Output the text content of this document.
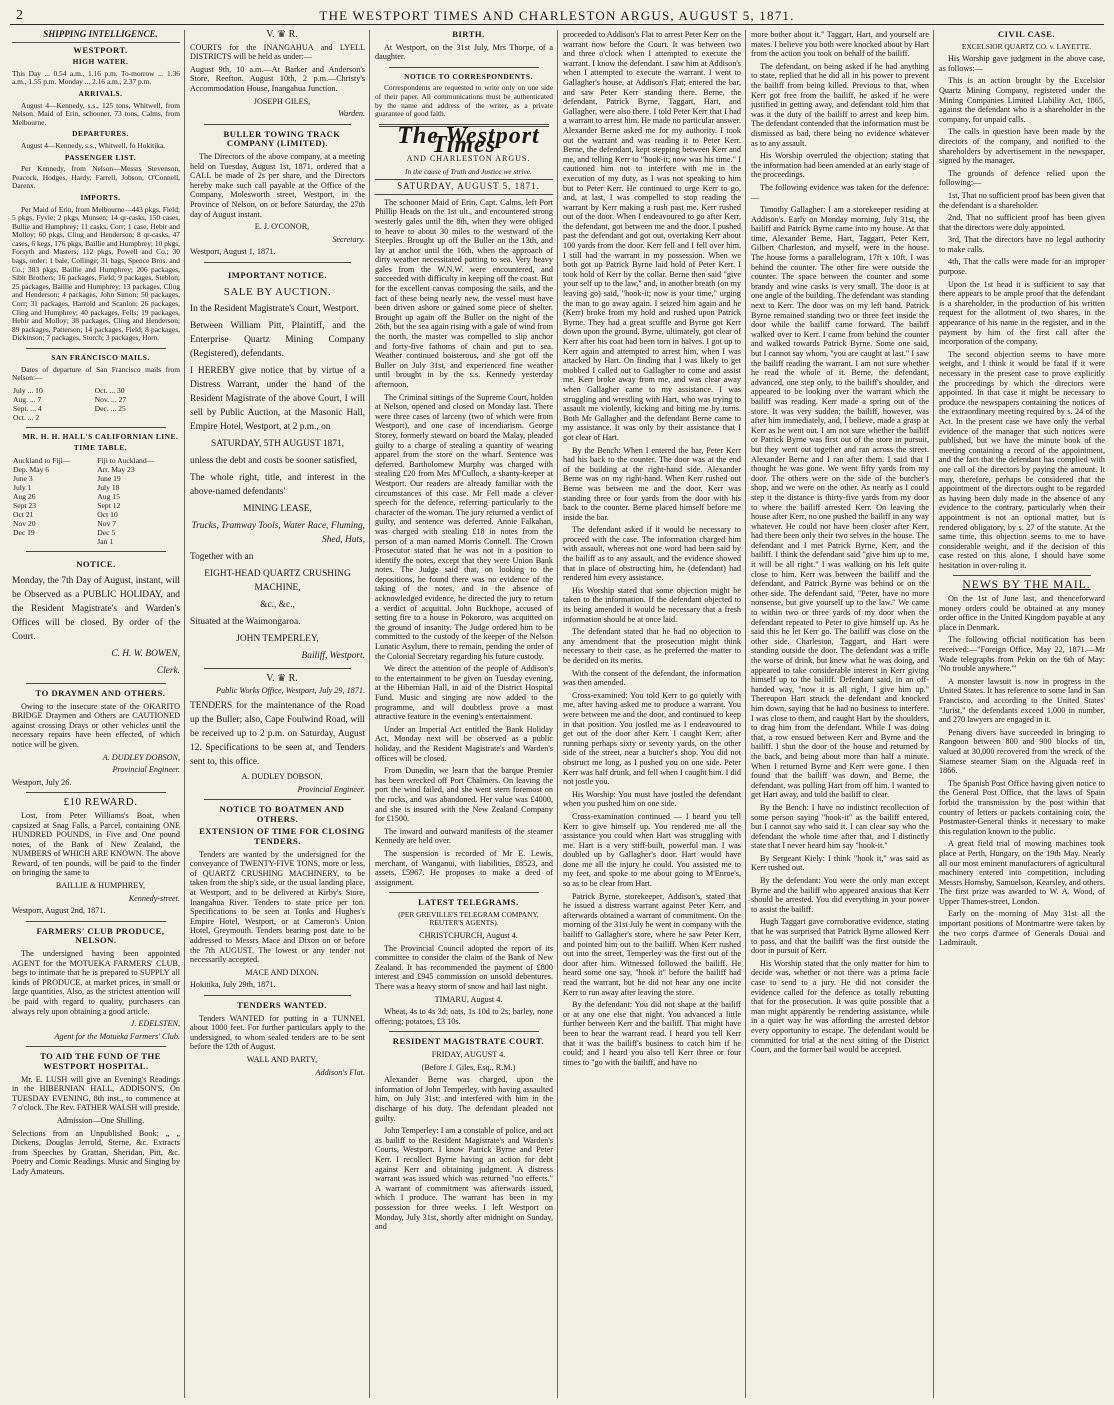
2	THE WESTPORT TIMES AND CHARLESTON ARGUS, AUGUST 5, 1871.

SHIPPING INTELLIGENCE.

WESTPORT.

HIGH WATER.

This Day ... 0.54 a.m., 1.16 p.m. To-morrow ... 1.36 a.m., 1.55 p.m. Monday ... 2.16 a.m., 2.37 p.m.

ARRIVALS.

August 4—Kennedy, s.s., 125 tons, Whitwell, from Nelson. Maid of Erin, schooner, 73 tons, Calms, from Melbourne.

DEPARTURES.

August 4—Kennedy, s.s., Whitwell, fo Hokitika.

PASSENGER LIST.

Per Kennedy, from Nelson—Messrs Stevenson, Peacock, Hodges, Hardy, Farrell, Jobson, O'Connell, Darenx.

IMPORTS.

Per Maid of Erin, from Melbourne—443 pkgs, Field; 5 pkgs, Fyvie; 2 pkgs, Munsen; 14 qr-casks, 150 cases, Bullie and Humphrey; 11 casks, Corr; 1 case, Hebir and Molloy; 60 pkgs, Cliug and Henderson; 8 qr-casks, 47 cases, 6 kegs, 176 pkgs, Baillie and Humphrey; 10 pkgs, Forsyth and Masters; 112 pkgs, Powell and Co.; 30 bags, order; 1 bale, Collinge; 31 bags, Spence Bros. and Co.; 383 pkgs, Baillie and Humphrey; 206 packages, Sibit Brothers; 16 packages, Field; 9 packages, Steblon; 25 packages, Baillie and Humphrey; 13 packages, Cliug and Henderson; 4 packages, John Simon; 50 packages, Corr; 31 packages, Harrold and Scanlon; 26 packages, Cliug and Humphrey; 40 packages, Fells; 19 packages, Hebir and Molloy; 38 packages, Cliug and Henderson; 89 packages, Patterson; 14 packages, Field; 8 packages, Dickinson; 7 packages, Storch; 3 packages, Horn.

SAN FRANCISCO MAILS.

Dates of departure of San Francisco mails from Nelson:—

July ... 10	Oct. ... 30
Aug. ... 7	Nov. ... 27
Sept. ... 4	Dec. ... 25
Oct. ... 2	

MR. H. H. HALL'S CALIFORNIAN LINE.

TIME TABLE.

Auckland to Fiji—	Fiji to Auckland—
Dep. May 6	Arr. May 23
June 3	June 19
July 1	July 18
Aug 26	Aug 15
Sept 23	Sept 12
Oct 21	Oct 10
Nov 20	Nov 7
Dec 19	Dec 5
	Jan 1

NOTICE.

Monday, the 7th Day of August, instant, will be Observed as a PUBLIC HOLIDAY, and the Resident Magistrate's and Warden's Offices will be closed. By order of the Court.

C. H. W. BOWEN,

Clerk.

TO DRAYMEN AND OTHERS.

Owing to the insecure state of the OKARITO BRIDGE Draymen and Others are CAUTIONED against crossing Drays or other vehicles until the necessary repairs have been effected, of which notice will be given.

A. DUDLEY DOBSON,

Provincial Engineer.

Westport, July 26.

£10 REWARD.

Lost, from Peter Williams's Boat, when capsized at Snag Falls, a Parcel, containing ONE HUNDRED POUNDS, in Five and One pound notes, of the Bank of New Zealand, the NUMBERS of WHICH ARE KNOWN. The above Reward, of ten pounds, will be paid to the finder on bringing the same to

BAILLIE & HUMPHREY,

Kennedy-street.

Westport, August 2nd, 1871.

FARMERS' CLUB PRODUCE, NELSON.

The undersigned having been appointed AGENT for the MOTUEKA FARMERS' CLUB, begs to intimate that he is prepared to SUPPLY all kinds of PRODUCE, at market prices, in small or large quantities. Also, as the strictest attention will be paid with regard to quality, purchasers can always rely upon obtaining a good article.

J. EDELSTEN,

Agent for the Motueka Farmers' Club.

TO AID THE FUND OF THE WESTPORT HOSPITAL.

Mr. E. LUSH will give an Evening's Readings in the HIBERNIAN HALL, ADDISON'S, On TUESDAY EVENING, 8th inst., to commence at 7 o'clock. The Rev. FATHER WALSH will preside.

Admission—One Shilling.

Selections from an Unpublished Book; „ „ Dickens, Douglas Jerrold, Sterne, &c. Extracts from Speeches by Grattan, Sheridan, Pitt, &c. Poetry and Comic Readings. Music and Singing by Lady Amateurs.

V. ♛ R.

COURTS for the INANGAHUA and LYELL DISTRICTS will be held as under:—

August 9th, 10 a.m.—At Barker and Anderson's Store, Reefton. August 10th, 2 p.m.—Christy's Accommodation House, Inangahua Junction.

JOSEPH GILES,

Warden.

BULLER TOWING TRACK COMPANY (LIMITED).

The Directors of the above company, at a meeting held on Tuesday, August 1st, 1871, ordered that a CALL be made of 2s per share, and the Directors hereby make such call payable at the Office of the Company, Molesworth street, Westport, in the Province of Nelson, on or before Saturday, the 27th day of August instant.

E. J. O'CONOR,

Secretary.

Westport, August 1, 1871.

IMPORTANT NOTICE.

SALE BY AUCTION.

In the Resident Magistrate's Court, Westport.

Between William Pitt, Plaintiff, and the Enterprise Quartz Mining Company (Registered), defendants.

I HEREBY give notice that by virtue of a Distress Warrant, under the hand of the Resident Magistrate of the above Court, I will sell by Public Auction, at the Masonic Hall, Empire Hotel, Westport, at 2 p.m., on

SATURDAY, 5TH AUGUST 1871,

unless the debt and costs be sooner satisfied,

The whole right, title, and interest in the above-named defendants'

MINING LEASE,

Trucks, Tramway Tools, Water Race, Fluming, Shed, Huts,

Together with an

EIGHT-HEAD QUARTZ CRUSHING MACHINE,

&c., &c.,

Situated at the Waimongaroa.

JOHN TEMPERLEY,

Bailiff, Westport.

V. ♛ R.

Public Works Office, Westport, July 29, 1871.

TENDERS for the maintenance of the Road up the Buller; also, Cape Foulwind Road, will be received up to 2 p.m. on Saturday, August 12. Specifications to be seen at, and Tenders sent to, this office.

A. DUDLEY DOBSON,

Provincial Engineer.

NOTICE TO BOATMEN AND OTHERS.

EXTENSION OF TIME FOR CLOSING TENDERS.

Tenders are wanted by the undersigned for the conveyance of TWENTY-FIVE TONS, more or less, of QUARTZ CRUSHING MACHINERY, to be taken from the ship's side, or the usual landing place, at Westport, and to be delivered at Kirby's Store, Inangahua River. Tenders to state price per ton. Specifications to be seen at Tonks and Hughes's Empire Hotel, Westport, or at Cameron's Union Hotel, Greymouth. Tenders bearing post date to be addressed to Messrs Mace and Dixon on or before the 7th AUGUST. The lowest or any tender not necessarily accepted.

MACE AND DIXON.

Hokitika, July 29th, 1871.

TENDERS WANTED.

Tenders WANTED for putting in a TUNNEL about 1000 feet. For further particulars apply to the undersigned, to whom sealed tenders are to be sent before the 12th of August.

WALL AND PARTY,

Addison's Flat.

BIRTH.

At Westport, on the 31st July, Mrs Thorpe, of a daughter.

NOTICE TO CORRESPONDENTS.

Correspondents are requested to write only on one side of their paper. All communications must be authenticated by the name and address of the writer, as a private guarantee of good faith.

The Westport Times

AND CHARLESTON ARGUS.

In the cause of Truth and Justice we strive.

SATURDAY, AUGUST 5, 1871.

The schooner Maid of Erin, Capt. Calms, left Port Phillip Heads on the 1st ult., and encountered strong westerly gales until the 8th, when they were obliged to heave to about 30 miles to the westward of the Steeples. Brought up off the Buller on the 13th, and lay at anchor until the 16th, when the approach of dirty weather necessitated putting to sea. Very heavy gales from the W.N.W. were encountered, and succeeded with difficulty in keeping off the coast. But for the excellent canvas composing the sails, and the fact of these being nearly new, the vessel must have been driven ashore or gained some piece of shelter. Brought up again off the Buller on the night of the 26th, but the sea again rising with a gale of wind from the north, the master was compelled to slip anchor and forty-five fathoms of chain and put to sea. Weather continued boisterous, and she got off the Buller on July 31st, and experienced fine weather until brought in by the s.s. Kennedy yesterday afternoon.

The Criminal sittings of the Supreme Court, holden at Nelson, opened and closed on Monday last. There were three cases of larceny (two of which were from Westport), and one case of incendiarism. George Storey, formerly steward on board the Malay, pleaded guilty to a charge of stealing a quantity of wearing apparel from the store on the wharf. Sentence was deferred. Bartholomew Murphy was charged with stealing £20 from Mrs M'Culloch, a shanty-keeper at Westport. Our readers are already familiar with the circumstances of this case. Mr Fell made a clever speech for the defence, referring particularly to the character of the woman. The jury returned a verdict of guilty, and sentence was deferred. Annie Falkahan, was charged with stealing £18 in notes from the person of a man named Morris Connell. The Crown Prosecutor stated that he was not in a position to identify the notes, except that they were Union Bank notes. The Judge said that, on looking to the depositions, he found there was no evidence of the taking of the notes, and in the absence of acknowledged evidence, he directed the jury to return a verdict of acquittal. John Buckhope, accused of setting fire to a house in Pokororo, was acquitted on the ground of insanity. The Judge ordered him to be committed to the custody of the keeper of the Nelson Lunatic Asylum, there to remain, pending the order of the Colonial Secretary regarding his future custody.

We direct the attention of the people of Addison's to the entertainment to be given on Tuesday evening, at the Hibernian Hall, in aid of the District Hospital Fund. Music and singing are now added to the programme, and will doubtless prove a most attractive feature in the evening's entertainment.

Under an Imperial Act entitled the Bank Holiday Act, Monday next will be observed as a public holiday, and the Resident Magistrate's and Warden's offices will be closed.

From Dunedin, we learn that the barque Premier has been wrecked off Port Chalmers. On leaving the port the wind failed, and she went stern foremost on the rocks, and was abandoned. Her value was £4000, and she is insured with the New Zealand Company for £1500.

The inward and outward manifests of the steamer Kennedy are held over.

The suspension is recorded of Mr E. Lewis, merchant, of Wanganui, with liabilities, £8523, and assets, £5967. He proposes to make a deed of assignment.

LATEST TELEGRAMS.

(PER GREVILLE'S TELEGRAM COMPANY, REUTER'S AGENTS).

CHRISTCHURCH, August 4.

The Provincial Council adopted the report of its committee to consider the claim of the Bank of New Zealand. It has recommended the payment of £800 interest and £945 commission on unsold debentures. There was a heavy storm of snow and hail last night.

TIMARU, August 4.

Wheat, 4s to 4s 3d; oats, 1s 10d to 2s; barley, none offering; potatoes, £3 10s.

RESIDENT MAGISTRATE COURT.

FRIDAY, AUGUST 4.

(Before J. Giles, Esq., R.M.)

Alexander Berne was charged, upon the information of John Temperley, with having assaulted him, on July 31st; and interfered with him in the discharge of his duty. The defendant pleaded not guilty.

John Temperley: I am a constable of police, and act as bailiff to the Resident Magistrate's and Warden's Courts, Westport. I know Patrick Byrne and Peter Kerr. I recollect Byrne having an action for debt against Kerr and obtaining judgment. A distress warrant was issued which was returned "no effects." A warrant of commitment was afterwards issued, which I produce. The warrant has been in my possession for three weeks. I left Westport on Monday, July 31st, shortly after midnight on Sunday, and

proceeded to Addison's Flat to arrest Peter Kerr on the warrant now before the Court. It was between two and three o'clock when I attempted to execute the warrant. I know the defendant. I saw him at Addison's when I attempted to execute the warrant. I went to Gallagher's house, at Addison's Flat; entered the bar, and saw Peter Kerr standing there. Berne, the defendant, Patrick Byrne, Taggart, Hart, and Gallagher, were also there. I told Peter Kerr that I had a warrant to arrest him. He made no particular answer. Alexander Berne asked me for my authority. I took out the warrant and was reading it to Peter Kerr. Berne, the defendant, kept stepping between Kerr and me, and telling Kerr to "hook-it; now was his time." I cautioned him not to interfere with me in the execution of my duty, as I was not speaking to him but to Peter Kerr. He continued to urge Kerr to go, and, at last, I was compelled to stop reading the warrant by Kerr making a rush past me. Kerr rushed out of the door. When I endeavoured to go after Kerr, the defendant, got between me and the door. I pushed past the defendant and got out, overtaking Kerr about 100 yards from the door. Kerr fell and I fell over him. I still had the warrant in my possession. When we both got up Patrick Byrne laid hold of Peter Kerr. I took hold of Kerr by the collar. Berne then said "give your self up to the law," and, in another breath (on my leaving go) said, "hook-it; now is your time," urging the man to go away again. I seized him again and he (Kerr) broke from my hold and rushed upon Patrick Byrne. They had a great scuffle and Byrne got Kerr down upon the ground. Byrne, ultimately, got clear of Kerr after his coat had been torn in halves. I got up to Kerr again and attempted to arrest him, when I was attacked by Hart. On finding that I was likely to get mobbed I called out to Gallagher to come and assist me. Kerr broke away from me, and was clear away when Gallagher came to my assistance. I was struggling and wrestling with Hart, who was trying to assault me violently, kicking and biting me by turns. Both Mr Gallagher and the defendant Berne came to my assistance. It was only by their assistance that I got clear of Hart.

By the Bench: When I entered the bar, Peter Kerr had his back to the counter. The door was at the end of the building at the right-hand side. Alexander Berne was on my right-hand. When Kerr rushed out Berne was between me and the door. Kerr was standing three or four yards from the door with his back to the counter. Berne placed himself before me inside the bar.

The defendant asked if it would be necessary to proceed with the case. The information charged him with assault, whereas not one word had been said by the bailiff as to any assault, and the evidence showed that in place of obstructing him, he (defendant) had rendered him every assistance.

His Worship stated that some objection might be taken to the information. If the defendant objected to its being amended it would be necessary that a fresh information should be at once laid.

The defendant stated that he had no objection to any amendment that the prosecution might think necessary to their case, as he preferred the matter to be decided on its merits.

With the consent of the defendant, the information was then amended.

Cross-examined: You told Kerr to go quietly with me, after having asked me to produce a warrant. You were between me and the door, and continued to keep in that position. You jostled me as I endeavoured to get out of the door after Kerr. I caught Kerr, after running perhaps sixty or seventy yards, on the other side of the street, near a butcher's shop. You did not obstruct me long, as I pushed you on one side. Peter Kerr was half drunk, and fell when I caught him. I did not jostle you.

His Worship: You must have jostled the defendant when you pushed him on one side.

Cross-examination continued — I heard you tell Kerr to give himself up. You rendered me all the assistance you could when Hart was struggling with me. Hart is a very stiff-built, powerful man. I was doubled up by Gallagher's door. Hart would have done me all the injury he could. You assisted me to my feet, and spoke to me about going to M'Enroe's, so as to be clear from Hart.

Patrick Byrne, storekeeper, Addison's, stated that he issued a distress warrant against Peter Kerr, and afterwards obtained a warrant of commitment. On the morning of the 31st July he went in company with the bailiff to Gallagher's store, where he saw Peter Kerr, and pointed him out to the bailiff. When Kerr rushed out into the street, Temperley was the first out of the door after him. Witnessed followed the bailiff. He heard some one say, "hook it" before the bailiff had read the warrant, but he did not hear any one incite Kerr to run away after leaving the store.

By the defendant: You did not shape at the bailiff or at any one else that night. You advanced a little further between Kerr and the bailiff. That might have been to hear the warrant read. I heard you tell Kerr that it was the bailiff's business to catch him if he could; and I heard you also tell Kerr three or four times to "go with the bailiff, and have no

more bother about it." Taggart, Hart, and yourself are mates. I believe you both were knocked about by Hart from the action you took on behalf of the bailiff.

The defendant, on being asked if he had anything to state, replied that he did all in his power to prevent the bailiff from being killed. Previous to that, when Kerr got free from the bailiff, he asked if he were justified in getting away, and defendant told him that was it the duty of the bailiff to arrest and keep him. The defendant contended that the information must be dismissed as bad, there being no evidence whatever as to any assault.

His Worship overruled the objection; stating that the information had been amended at an early stage of the proceedings.

The following evidence was taken for the defence:—

Timothy Gallagher: I am a storekeeper residing at Addison's. Early on Monday morning, July 31st, the bailiff and Patrick Byrne came into my house. At that time, Alexander Berne, Hart, Taggart, Peter Kerr, Gilbert Charleston, and myself, were in the house. The house forms a parallelogram, 17ft x 10ft. I was behind the counter. The other fire were outside the counter. The space between the counter and some brandy and wine casks is very small. The door is at one angle of the building. The defendant was standing next to Kerr. The door was on my left hand. Patrick Byrne remained standing two or three feet inside the door while the bailiff came forward. The bailiff walked over to Kerr. I came from behind the counter and walked towards Patrick Byrne. Some one said, but I cannot say whom, "you are caught at last." I saw the bailiff reading the warrant. I am not sure whether he read the whole of it. Berne, the defendant, advanced, one step only, to the bailiff's shoulder, and appeared to be looking over the warrant which the bailiff was reading. Kerr made a spring out of the store. It was very sudden; the bailiff, however, was after him immediately, and, I believe, made a grasp at Kerr as he went out. I am not sure whether the bailiff or Patrick Byrne was first out of the store in pursuit, but they went out together and ran across the street. Alexander Berne and I ran after them. I said that I thought he was gone. We went fifty yards from my door. The others were on the side of the butcher's shop, and we were on the other. As nearly as I could step it the distance is thirty-five yards from my door to where the bailiff arrested Kerr. On leaving the house after Kerr, no one pushed the bailiff in any way whatever. He could not have been closer after Kerr, had there been only their two selves in the house. The defendant and I met Patrick Byrne, Kerr, and the bailiff. I think the defendant said "give him up to me, it will be all right." I was walking on his left quite close to him. Kerr was between the bailiff and the defendant, and Patrick Byrne was behind or on the other side. The defendant said, "Peter, have no more nonsense, but give yourself up to the law." We came to within two or three yards of my door when the defendant repeated to Peter to give himself up. As he said this he let Kerr go. The bailiff was close on the other side. Charleston, Taggart, and Hart were standing outside the door. The defendant was a trifle the worse of drink, but knew what he was doing, and appeared to take considerable interest in Kerr giving himself up to the bailiff. Defendant said, in an off-handed way, "now it is all right, I give him up." Thereupon Hart struck the defendant and knocked him down, saying that he had no business to interfere. I was close to them, and caught Hart by the shoulders, to drag him from the defendant. While I was doing that, a row ensued between Kerr and Byrne and the bailiff. I shut the door of the house and returned by the back, and being about more than half a minute. When I returned Byrne and Kerr were gone. I then found that the bailiff was down, and Berne, the defendant, was pulling Hart from off him. I wanted to get Hart away, and told the bailiff to clear.

By the Bench: I have no indistinct recollection of some person saying "hook-it" as the bailiff entered, but I cannot say who said it. I can clear say who the defendant the whole time after that, and I distinctly state that I never heard him say "hook-it."

By Sergeant Kiely: I think "hook it," was said as Kerr rushed out.

By the defendant: You were the only man except Byrne and the bailiff who appeared anxious that Kerr should be arrested. You did everything in your power to assist the bailiff.

Hugh Taggart gave corroborative evidence, stating that he was surprised that Patrick Byrne allowed Kerr to pass, and that the bailiff was the first outside the door in pursuit of Kerr.

His Worship stated that the only matter for him to decide was, whether or not there was a prima facie case to send to a jury. He did not consider the evidence called for the defence as totally rebutting that for the prosecution. It was quite possible that a man might apparently be rendering assistance, while in a quiet way he was affording the arrested debtor every opportunity to escape. The defendant would be committed for trial at the next sitting of the District Court, and the former bail would be accepted.

CIVIL CASE.

EXCELSIOR QUARTZ CO. v. LAYETTE.

His Worship gave judgment in the above case, as follows:—

This is an action brought by the Excelsior Quartz Mining Company, registered under the Mining Companies Limited Liability Act, 1865, against the defendant who is a shareholder in the company, for unpaid calls.

The calls in question have been made by the directors of the company, and notified to the shareholders by advertisement in the newspaper, signed by the manager.

The grounds of defence relied upon the following:—

1st, That no sufficient proof has been given that the defendant is a shareholder.

2nd, That no sufficient proof has been given that the directors were duly appointed.

3rd, That the directors have no legal authority to make calls.

4th, That the calls were made for an improper purpose.

Upon the 1st head it is sufficient to say that there appears to be ample proof that the defendant is a shareholder, in the production of his written request for the allotment of two shares, in the appearance of his name in the register, and in the payment by him of the first call after the incorporation of the company.

The second objection seems to have more weight, and I think it would be fatal if it were necessary in the present case to prove explicitly the proceedings by which the directors were appointed. In that case it might be necessary to produce the newspapers containing the notices of the extraordinary meeting required by s. 24 of the Act. In the present case we have only the verbal evidence of the manager that such notices were published, but we have the minute book of the meeting containing a record of the appointment, and the fact that the defendant has complied with one call of the directors by paying the amount. It may, therefore, perhaps be considered that the appointment of the directors ought to be regarded as having been duly made in the absence of any evidence to the contrary, particularly when their appointment is not an optional matter, but is rendered obligatory, by s. 27 of the statute. At the same time, this objection seems to me to have considerable weight, and if the decision of this case rested on this alone, I should have some hesitation in over-ruling it.

NEWS BY THE MAIL.

On the 1st of June last, and thenceforward money orders could be obtained at any money order office in the United Kingdom payable at any place in Denmark.

The following official notification has been received:—"Foreign Office, May 22, 1871.—Mr Wade telegraphs from Pekin on the 6th of May: 'No trouble anywhere.'"

A monster lawsuit is now in progress in the United States. It has reference to some land in San Francisco, and according to the United States' "Jurist," the defendants exceed 1,000 in number, and 270 lawyers are engaged in it.

Penang divers have succeeded in bringing to Rangoon between 800 and 900 blocks of tin, valued at 30,000 recovered from the wreck of the Siamese steamer Siam on the Alguada reef in 1866.

The Spanish Post Office having given notice to the General Post Office, that the laws of Spain forbid the transmission by the post within that country of letters or packets containing coin, the Postmaster-General thinks it necessary to make this regulation known to the public.

A great field trial of mowing machines took place at Perth, Hungary, on the 19th May. Nearly all our most eminent manufacturers of agricultural machinery entered into competition, including Messrs Hornsby, Samuelson, Kearsley, and others. The first prize was awarded to W. A. Wood, of Upper Thames-street, London.

Early on the morning of May 31st all the important positions of Montmartre were taken by the two corps d'armee of Generals Douai and Ladmirault.
